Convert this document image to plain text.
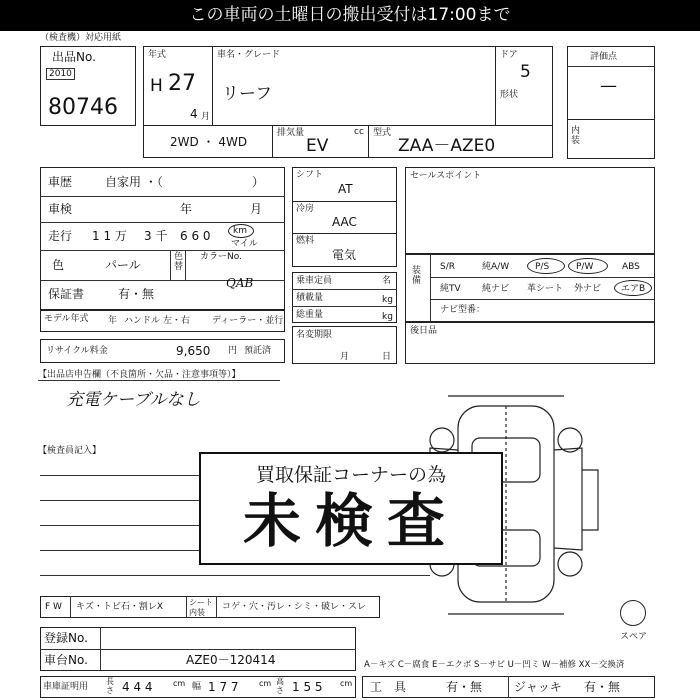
この車両の土曜日の搬出受付は17:00まで
（検査機）対応用紙
出品No.
2010
80746
年式
H 27
4 月
車名・グレード
リーフ
ドア
5
形状
評価点
—
内装
2WD ・ 4WD
排気量	cc
EV
型式
ZAA－AZE0
車歴	自家用 ・（	）
車検	年	月
走行 1 1 万 3 千 6 6 0 km
マイル
色	パール
色替
カラーNo.
QAB
保証書	有・無
モデル年式	年 ハンドル 左・右 ディーラー・並行
シフト
AT
冷房
AAC
燃料
電気
乗車定員	名
積載量	kg
総重量	kg
名変期限
月	日
リサイクル料金	9,650 円 預託済
セールスポイント
装備
S/R	純A/W	P/S	P/W	ABS
純TV 純ナビ 革シート 外ナビ エアB
ナビ型番：
後日品
【出品店申告欄（不良箇所・欠品・注意事項等）】
充電ケーブルなし
【検査員記入】
スペア
買取保証コーナーの為
未検査
F W キズ・トビ石・割レX	シート内装
コゲ・穴・汚レ・シミ・破レ・スレ
登録No.
車台No.	AZE0－120414
車庫証明用
長さ 4 4 4	cm 幅 1 7 7	cm 高さ 1 5 5 cm
A－キズ C－腐食 E－エクボ S－サビ U－凹ミ W－補修 XX－交換済
工　具	有・無	ジャッキ 有・無
